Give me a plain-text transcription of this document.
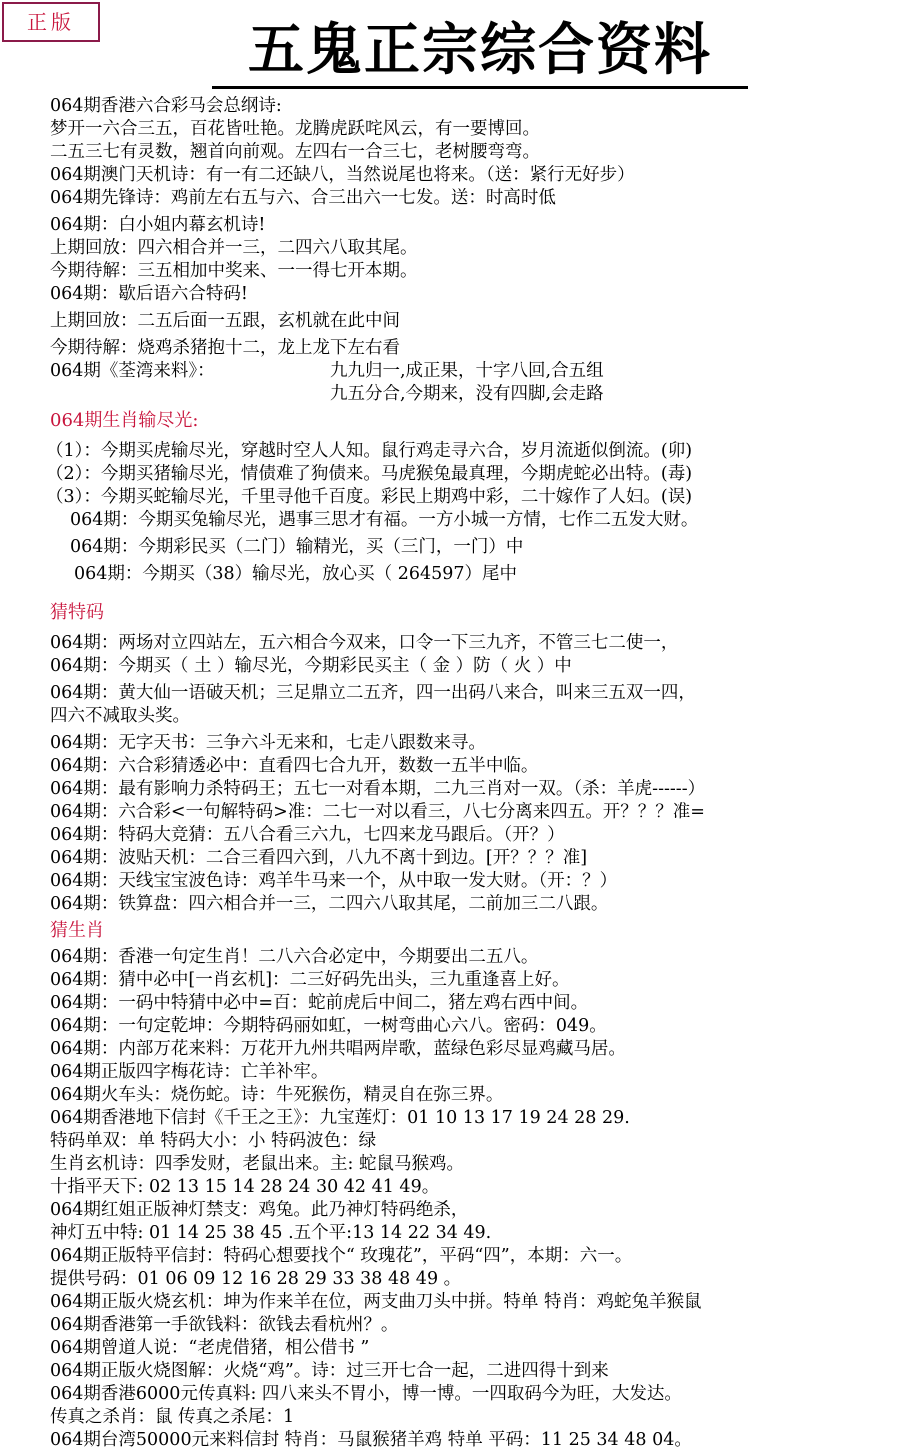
正版	五鬼正宗综合资料
064期香港六合彩马会总纲诗:
梦开一六合三五，百花皆吐艳。龙腾虎跃咤风云，有一要博回。
二五三七有灵数，翘首向前观。左四右一合三七，老树腰弯弯。
064期澳门天机诗：有一有二还缺八，当然说尾也将来。（送：紧行无好步）
064期先锋诗：鸡前左右五与六、合三出六一七发。送：时高时低
064期：白小姐内幕玄机诗!
上期回放：四六相合并一三，二四六八取其尾。
今期待解：三五相加中奖来、一一得七开本期。
064期：歇后语六合特码!
上期回放：二五后面一五跟，玄机就在此中间
今期待解：烧鸡杀猪抱十二，龙上龙下左右看
064期《荃湾来料》：	九九归一,成正果，十字八回,合五组
九五分合,今期来，没有四脚,会走路
064期生肖输尽光:
（1）：今期买虎输尽光，穿越时空人人知。鼠行鸡走寻六合，岁月流逝似倒流。(卯)
（2）：今期买猪输尽光，情债难了狗债来。马虎猴兔最真理，今期虎蛇必出特。(毒)
（3）：今期买蛇输尽光，千里寻他千百度。彩民上期鸡中彩，二十嫁作了人妇。(误)
064期：今期买兔输尽光，遇事三思才有福。一方小城一方情，七作二五发大财。
064期：今期彩民买（二门）输精光，买（三门，一门）中
064期：今期买（38）输尽光，放心买（ 264597）尾中
猜特码
064期：两场对立四站左，五六相合今双来，口令一下三九齐，不管三七二使一，
064期：今期买（ 土 ）输尽光，今期彩民买主（ 金 ）防（ 火 ）中
064期：黄大仙一语破天机；三足鼎立二五齐，四一出码八来合，叫来三五双一四，
四六不减取头奖。
064期：无字天书：三争六斗无来和，七走八跟数来寻。
064期：六合彩猜透必中：直看四七合九开，数数一五半中临。
064期：最有影响力杀特码王；五七一对看本期，二九三肖对一双。（杀：羊虎------）
064期：六合彩<一句解特码>准：二七一对以看三，八七分离来四五。开？？？准=
064期：特码大竞猜：五八合看三六九，七四来龙马跟后。（开？）
064期：波贴天机：二合三看四六到，八九不离十到边。[开？？？准]
064期：天线宝宝波色诗：鸡羊牛马来一个，从中取一发大财。（开：？）
064期：铁算盘：四六相合并一三，二四六八取其尾，二前加三二八跟。
猜生肖
064期：香港一句定生肖！二八六合必定中，今期要出二五八。
064期：猜中必中[一肖玄机]：二三好码先出头，三九重逢喜上好。
064期：一码中特猜中必中=百：蛇前虎后中间二，猪左鸡右西中间。
064期：一句定乾坤：今期特码丽如虹，一树弯曲心六八。密码：049。
064期：内部万花来料：万花开九州共唱两岸歌，蓝绿色彩尽显鸡藏马居。
064期正版四字梅花诗：亡羊补牢。
064期火车头：烧伤蛇。诗：牛死猴伤，精灵自在弥三界。
064期香港地下信封《千王之王》：九宝莲灯：01 10 13 17 19 24 28 29.
特码单双：单 特码大小：小 特码波色：绿
生肖玄机诗：四季发财，老鼠出来。主: 蛇鼠马猴鸡。
十指平天下: 02 13 15 14 28 24 30 42 41 49。
064期红姐正版神灯禁支：鸡兔。此乃神灯特码绝杀，
神灯五中特: 01 14 25 38 45 .五个平:13 14 22 34 49.
064期正版特平信封：特码心想要找个“ 玫瑰花”，平码“四”，本期：六一。
提供号码：01 06 09 12 16 28 29 33 38 48 49 。
064期正版火烧玄机：坤为作来羊在位，两支曲刀头中拼。特单 特肖：鸡蛇兔羊猴鼠
064期香港第一手欲钱料：欲钱去看杭州？。
064期曾道人说：“老虎借猪，相公借书 ”
064期正版火烧图解：火烧“鸡”。诗：过三开七合一起，二进四得十到来
064期香港6000元传真料: 四八来头不胃小，博一博。一四取码今为旺，大发达。
传真之杀肖：鼠 传真之杀尾：1
064期台湾50000元来料信封 特肖：马鼠猴猪羊鸡 特单 平码：11 25 34 48 04。
